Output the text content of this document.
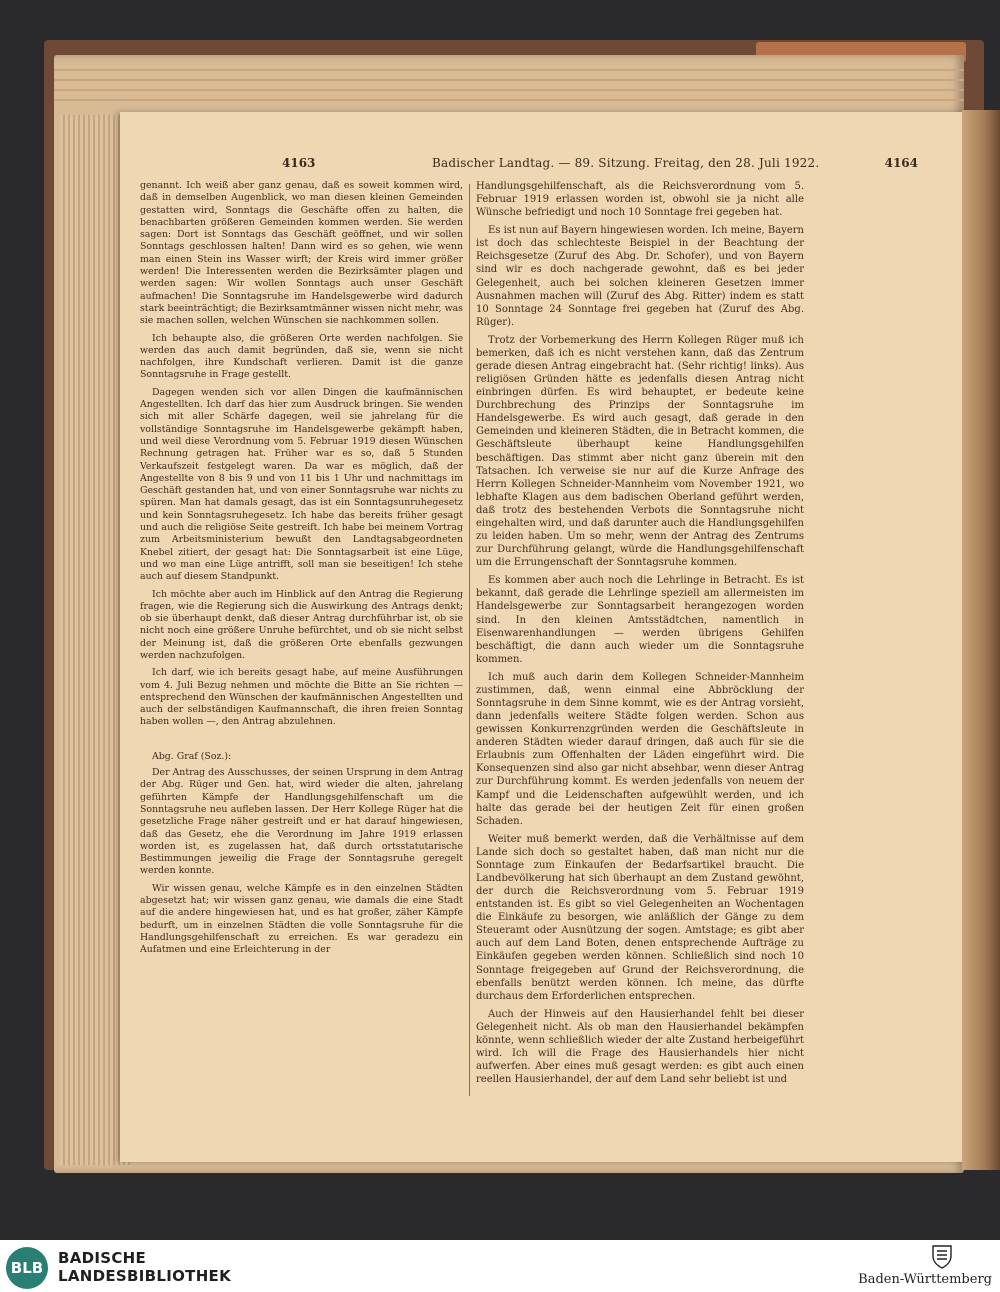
4163	Badischer Landtag. — 89. Sitzung. Freitag, den 28. Juli 1922.	4164

genannt. Ich weiß aber ganz genau, daß es soweit kommen wird, daß in demselben Augenblick, wo man diesen kleinen Gemeinden gestatten wird, Sonntags die Geschäfte offen zu halten, die benachbarten größeren Gemeinden kommen werden. Sie werden sagen: Dort ist Sonntags das Geschäft geöffnet, und wir sollen Sonntags geschlossen halten! Dann wird es so gehen, wie wenn man einen Stein ins Wasser wirft; der Kreis wird immer größer werden! Die Interessenten werden die Bezirksämter plagen und werden sagen: Wir wollen Sonntags auch unser Geschäft aufmachen! Die Sonntagsruhe im Handelsgewerbe wird dadurch stark beeinträchtigt; die Bezirksamtmänner wissen nicht mehr, was sie machen sollen, welchen Wünschen sie nachkommen sollen.

Ich behaupte also, die größeren Orte werden nachfolgen. Sie werden das auch damit begründen, daß sie, wenn sie nicht nachfolgen, ihre Kundschaft verlieren. Damit ist die ganze Sonntagsruhe in Frage gestellt.

Dagegen wenden sich vor allen Dingen die kaufmännischen Angestellten. Ich darf das hier zum Ausdruck bringen. Sie wenden sich mit aller Schärfe dagegen, weil sie jahrelang für die vollständige Sonntagsruhe im Handelsgewerbe gekämpft haben, und weil diese Verordnung vom 5. Februar 1919 diesen Wünschen Rechnung getragen hat. Früher war es so, daß 5 Stunden Verkaufszeit festgelegt waren. Da war es möglich, daß der Angestellte von 8 bis 9 und von 11 bis 1 Uhr und nachmittags im Geschäft gestanden hat, und von einer Sonntagsruhe war nichts zu spüren. Man hat damals gesagt, das ist ein Sonntagsunruhegesetz und kein Sonntagsruhegesetz. Ich habe das bereits früher gesagt und auch die religiöse Seite gestreift. Ich habe bei meinem Vortrag zum Arbeitsministerium bewußt den Landtagsabgeordneten Knebel zitiert, der gesagt hat: Die Sonntagsarbeit ist eine Lüge, und wo man eine Lüge antrifft, soll man sie beseitigen! Ich stehe auch auf diesem Standpunkt.

Ich möchte aber auch im Hinblick auf den Antrag die Regierung fragen, wie die Regierung sich die Auswirkung des Antrags denkt; ob sie überhaupt denkt, daß dieser Antrag durchführbar ist, ob sie nicht noch eine größere Unruhe befürchtet, und ob sie nicht selbst der Meinung ist, daß die größeren Orte ebenfalls gezwungen werden nachzufolgen.

Ich darf, wie ich bereits gesagt habe, auf meine Ausführungen vom 4. Juli Bezug nehmen und möchte die Bitte an Sie richten — entsprechend den Wünschen der kaufmännischen Angestellten und auch der selbständigen Kaufmannschaft, die ihren freien Sonntag haben wollen —, den Antrag abzulehnen.

Abg. Graf (Soz.):

Der Antrag des Ausschusses, der seinen Ursprung in dem Antrag der Abg. Rüger und Gen. hat, wird wieder die alten, jahrelang geführten Kämpfe der Handlungsgehilfenschaft um die Sonntagsruhe neu aufleben lassen. Der Herr Kollege Rüger hat die gesetzliche Frage näher gestreift und er hat darauf hingewiesen, daß das Gesetz, ehe die Verordnung im Jahre 1919 erlassen worden ist, es zugelassen hat, daß durch ortsstatutarische Bestimmungen jeweilig die Frage der Sonntagsruhe geregelt werden konnte.

Wir wissen genau, welche Kämpfe es in den einzelnen Städten abgesetzt hat; wir wissen ganz genau, wie damals die eine Stadt auf die andere hingewiesen hat, und es hat großer, zäher Kämpfe bedurft, um in einzelnen Städten die volle Sonntagsruhe für die Handlungsgehilfenschaft zu erreichen. Es war geradezu ein Aufatmen und eine Erleichterung in der

Handlungsgehilfenschaft, als die Reichsverordnung vom 5. Februar 1919 erlassen worden ist, obwohl sie ja nicht alle Wünsche befriedigt und noch 10 Sonntage frei gegeben hat.

Es ist nun auf Bayern hingewiesen worden. Ich meine, Bayern ist doch das schlechteste Beispiel in der Beachtung der Reichsgesetze (Zuruf des Abg. Dr. Schofer), und von Bayern sind wir es doch nachgerade gewohnt, daß es bei jeder Gelegenheit, auch bei solchen kleineren Gesetzen immer Ausnahmen machen will (Zuruf des Abg. Ritter) indem es statt 10 Sonntage 24 Sonntage frei gegeben hat (Zuruf des Abg. Rüger).

Trotz der Vorbemerkung des Herrn Kollegen Rüger muß ich bemerken, daß ich es nicht verstehen kann, daß das Zentrum gerade diesen Antrag eingebracht hat. (Sehr richtig! links). Aus religiösen Gründen hätte es jedenfalls diesen Antrag nicht einbringen dürfen. Es wird behauptet, er bedeute keine Durchbrechung des Prinzips der Sonntagsruhe im Handelsgewerbe. Es wird auch gesagt, daß gerade in den Gemeinden und kleineren Städten, die in Betracht kommen, die Geschäftsleute überhaupt keine Handlungsgehilfen beschäftigen. Das stimmt aber nicht ganz überein mit den Tatsachen. Ich verweise sie nur auf die Kurze Anfrage des Herrn Kollegen Schneider-Mannheim vom November 1921, wo lebhafte Klagen aus dem badischen Oberland geführt werden, daß trotz des bestehenden Verbots die Sonntagsruhe nicht eingehalten wird, und daß darunter auch die Handlungsgehilfen zu leiden haben. Um so mehr, wenn der Antrag des Zentrums zur Durchführung gelangt, würde die Handlungsgehilfenschaft um die Errungenschaft der Sonntagsruhe kommen.

Es kommen aber auch noch die Lehrlinge in Betracht. Es ist bekannt, daß gerade die Lehrlinge speziell am allermeisten im Handelsgewerbe zur Sonntagsarbeit herangezogen worden sind. In den kleinen Amtsstädtchen, namentlich in Eisenwarenhandlungen — werden übrigens Gehilfen beschäftigt, die dann auch wieder um die Sonntagsruhe kommen.

Ich muß auch darin dem Kollegen Schneider-Mannheim zustimmen, daß, wenn einmal eine Abbröcklung der Sonntagsruhe in dem Sinne kommt, wie es der Antrag vorsieht, dann jedenfalls weitere Städte folgen werden. Schon aus gewissen Konkurrenzgründen werden die Geschäftsleute in anderen Städten wieder darauf dringen, daß auch für sie die Erlaubnis zum Offenhalten der Läden eingeführt wird. Die Konsequenzen sind also gar nicht absehbar, wenn dieser Antrag zur Durchführung kommt. Es werden jedenfalls von neuem der Kampf und die Leidenschaften aufgewühlt werden, und ich halte das gerade bei der heutigen Zeit für einen großen Schaden.

Weiter muß bemerkt werden, daß die Verhältnisse auf dem Lande sich doch so gestaltet haben, daß man nicht nur die Sonntage zum Einkaufen der Bedarfsartikel braucht. Die Landbevölkerung hat sich überhaupt an dem Zustand gewöhnt, der durch die Reichsverordnung vom 5. Februar 1919 entstanden ist. Es gibt so viel Gelegenheiten an Wochentagen die Einkäufe zu besorgen, wie anläßlich der Gänge zu dem Steueramt oder Ausnützung der sogen. Amtstage; es gibt aber auch auf dem Land Boten, denen entsprechende Aufträge zu Einkäufen gegeben werden können. Schließlich sind noch 10 Sonntage freigegeben auf Grund der Reichsverordnung, die ebenfalls benützt werden können. Ich meine, das dürfte durchaus dem Erforderlichen entsprechen.

Auch der Hinweis auf den Hausierhandel fehlt bei dieser Gelegenheit nicht. Als ob man den Hausierhandel bekämpfen könnte, wenn schließlich wieder der alte Zustand herbeigeführt wird. Ich will die Frage des Hausierhandels hier nicht aufwerfen. Aber eines muß gesagt werden: es gibt auch einen reellen Hausierhandel, der auf dem Land sehr beliebt ist und

BLB
BADISCHE
LANDESBIBLIOTHEK	Baden-Württemberg
